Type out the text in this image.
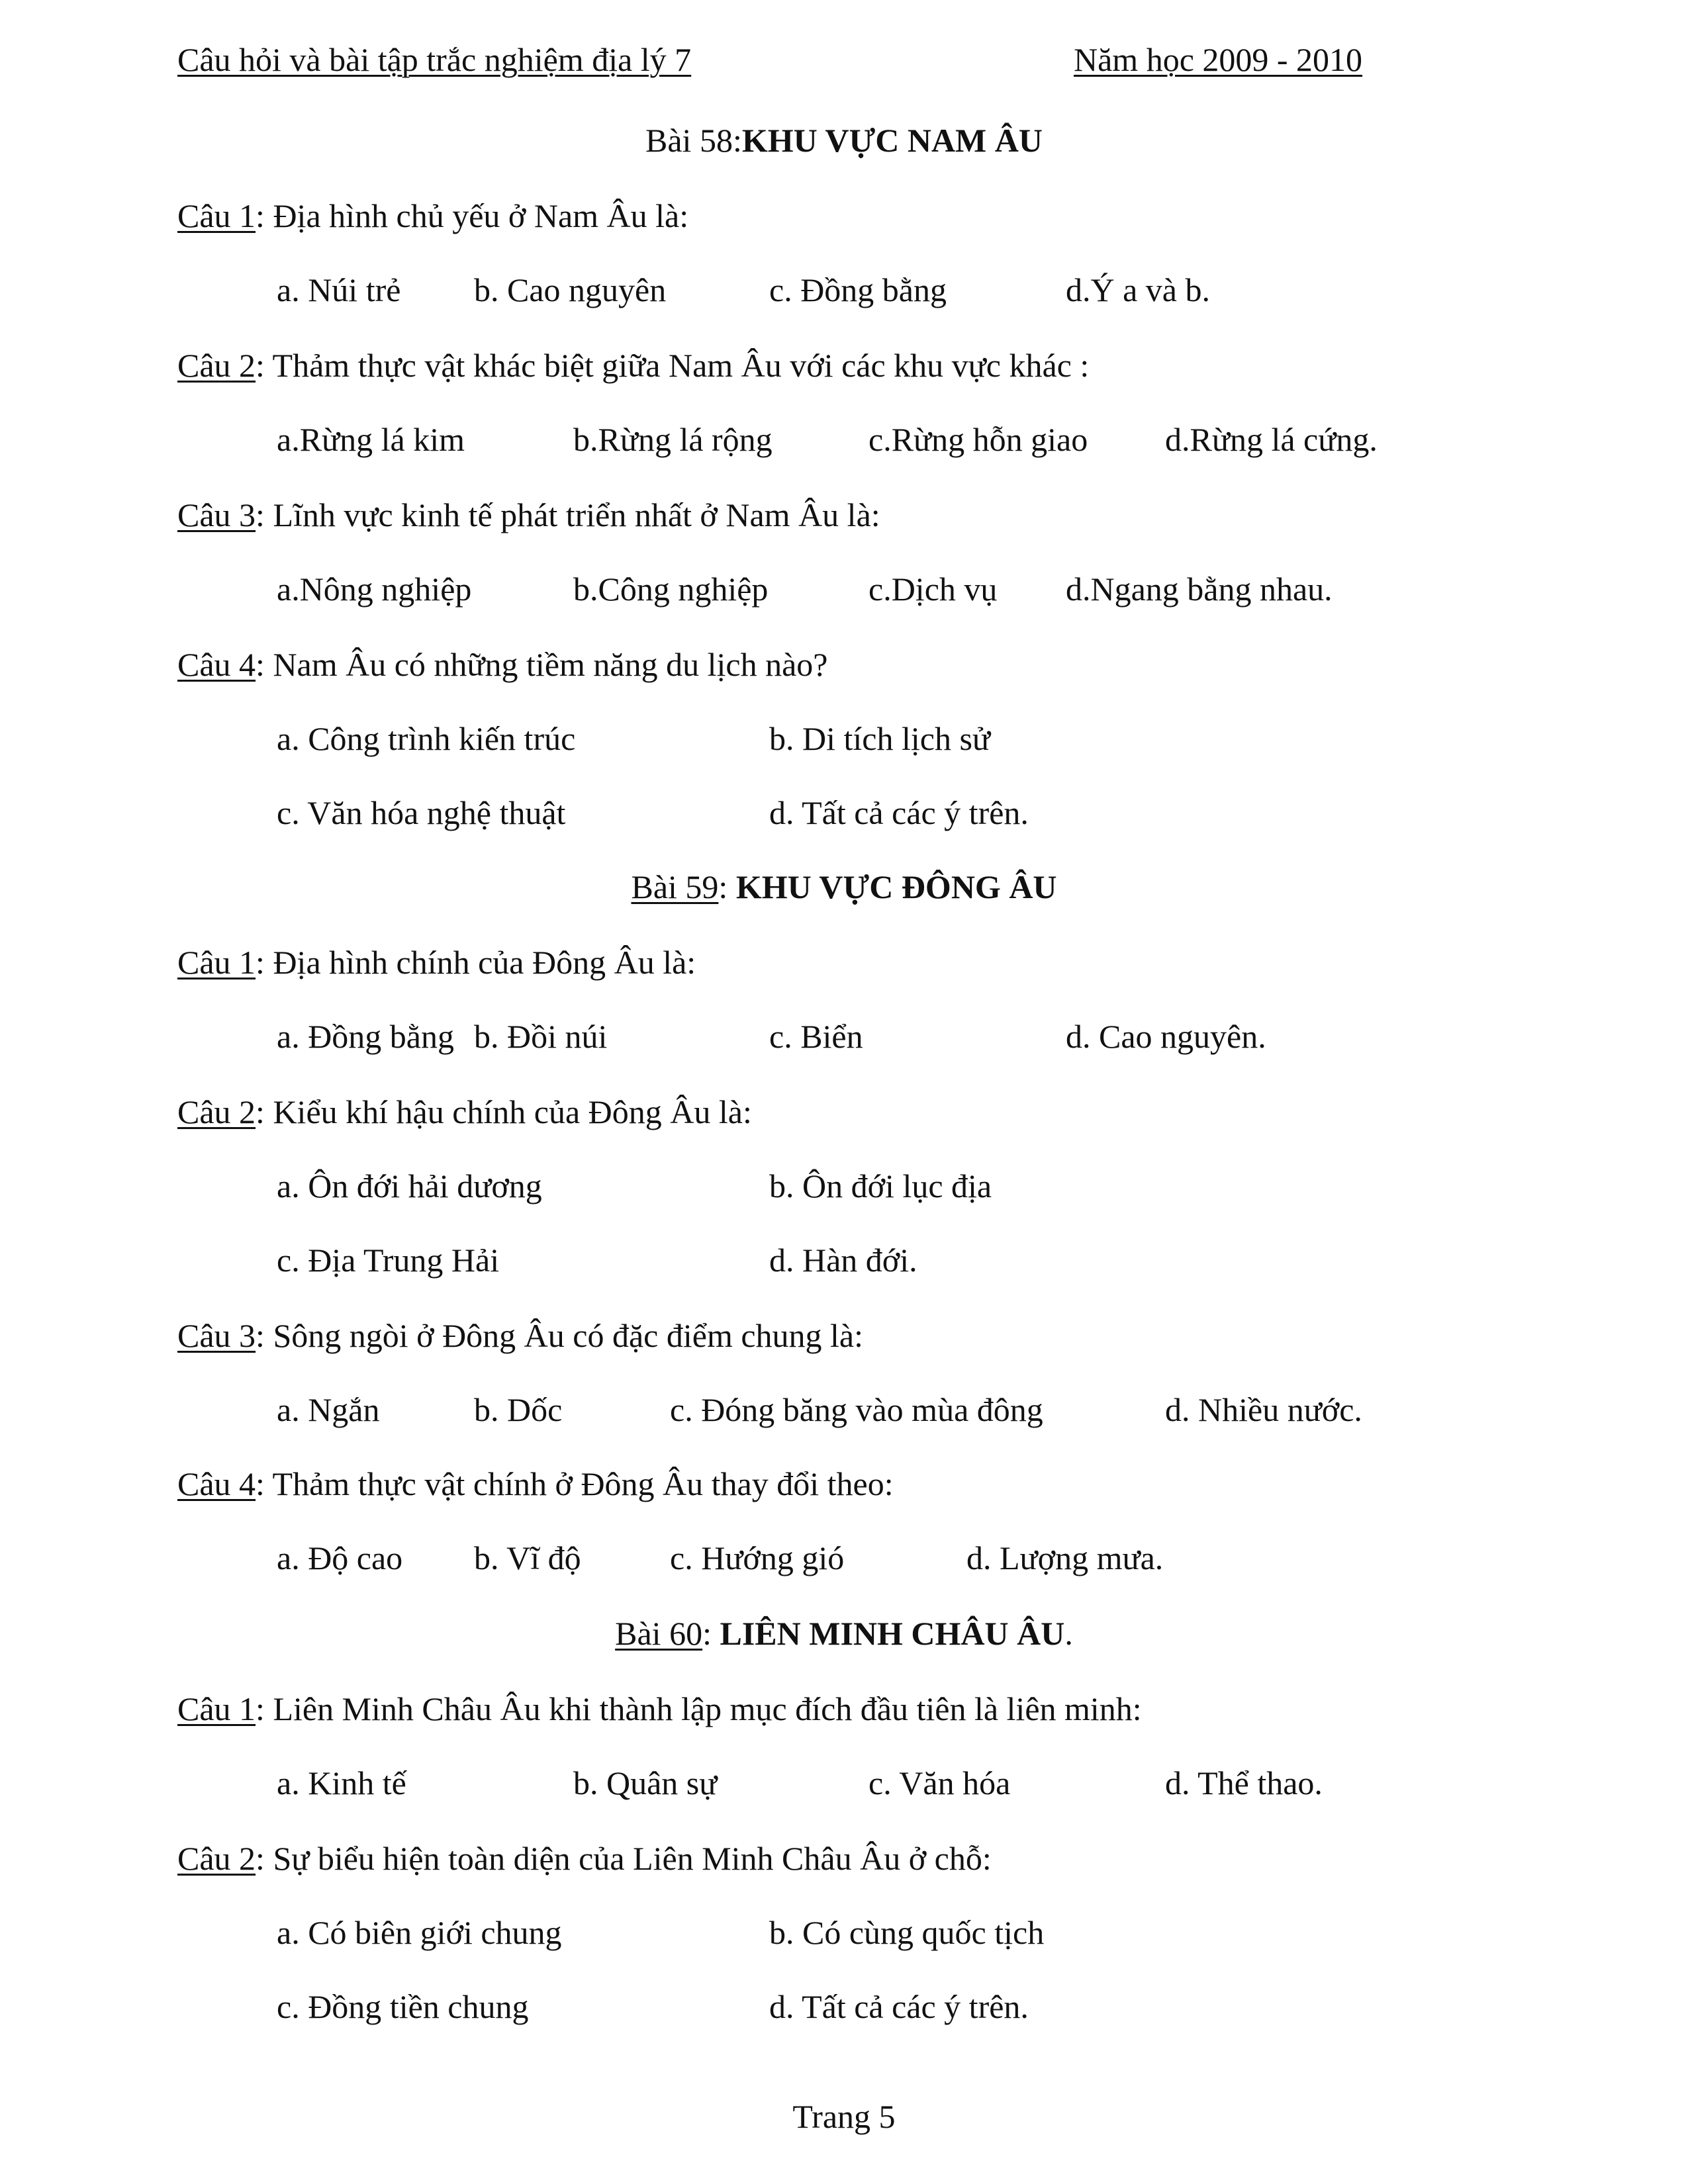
Câu hỏi và bài tập trắc nghiệm địa lý 7	Năm học 2009 - 2010
Bài 58:KHU VỰC NAM ÂU
Câu 1: Địa hình chủ yếu ở Nam Âu là:
a. Núi trẻ b. Cao nguyên	c. Đồng bằng	d.Ý a và b.
Câu 2: Thảm thực vật khác biệt giữa Nam Âu với các khu vực khác :
a.Rừng lá kim	b.Rừng lá rộng	c.Rừng hỗn giao d.Rừng lá cứng.
Câu 3: Lĩnh vực kinh tế phát triển nhất ở Nam Âu là:
a.Nông nghiệp	b.Công nghiệp	c.Dịch vụ d.Ngang bằng nhau.
Câu 4: Nam Âu có những tiềm năng du lịch nào?
a. Công trình kiến trúc	b. Di tích lịch sử
c. Văn hóa nghệ thuật	d. Tất cả các ý trên.
Bài 59: KHU VỰC ĐÔNG ÂU
Câu 1: Địa hình chính của Đông Âu là:
a. Đồng bằng b. Đồi núi	c. Biển	d. Cao nguyên.
Câu 2: Kiểu khí hậu chính của Đông Âu là:
a. Ôn đới hải dương	b. Ôn đới lục địa
c. Địa Trung Hải	d. Hàn đới.
Câu 3: Sông ngòi ở Đông Âu có đặc điểm chung là:
a. Ngắn	b. Dốc	c. Đóng băng vào mùa đông	d. Nhiều nước.
Câu 4: Thảm thực vật chính ở Đông Âu thay đổi theo:
a. Độ cao b. Vĩ độ	c. Hướng gió	d. Lượng mưa.
Bài 60: LIÊN MINH CHÂU ÂU.
Câu 1: Liên Minh Châu Âu khi thành lập mục đích đầu tiên là liên minh:
a. Kinh tế	b. Quân sự	c. Văn hóa	d. Thể thao.
Câu 2: Sự biểu hiện toàn diện của Liên Minh Châu Âu ở chỗ:
a. Có biên giới chung	b. Có cùng quốc tịch
c. Đồng tiền chung	d. Tất cả các ý trên.
Trang 5
